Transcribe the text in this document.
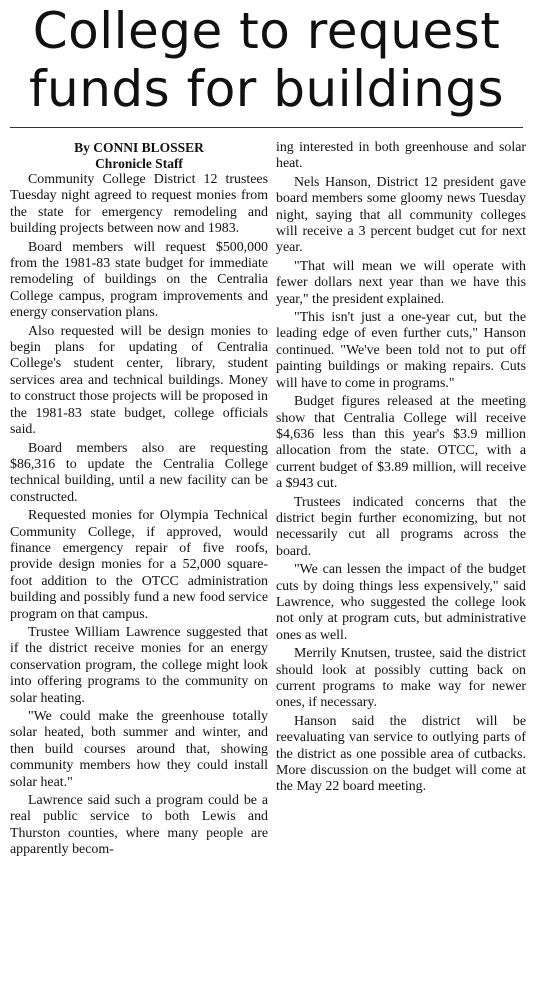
College to request
funds for buildings
By CONNI BLOSSER
Chronicle Staff

Community College District 12 trustees Tuesday night agreed to request monies from the state for emergency remodeling and building projects between now and 1983.

Board members will request $500,000 from the 1981-83 state budget for immediate remodeling of buildings on the Centralia College campus, program improvements and energy conservation plans.

Also requested will be design monies to begin plans for updating of Centralia College's student center, library, student services area and technical buildings. Money to construct those projects will be proposed in the 1981-83 state budget, college officials said.

Board members also are requesting $86,316 to update the Centralia College technical building, until a new facility can be constructed.

Requested monies for Olympia Technical Community College, if approved, would finance emergency repair of five roofs, provide design monies for a 52,000 square-foot addition to the OTCC administration building and possibly fund a new food service program on that campus.

Trustee William Lawrence suggested that if the district receive monies for an energy conservation program, the college might look into offering programs to the community on solar heating.

"We could make the greenhouse totally solar heated, both summer and winter, and then build courses around that, showing community members how they could install solar heat."

Lawrence said such a program could be a real public service to both Lewis and Thurston counties, where many people are apparently becom-

ing interested in both greenhouse and solar heat.

Nels Hanson, District 12 president gave board members some gloomy news Tuesday night, saying that all community colleges will receive a 3 percent budget cut for next year.

"That will mean we will operate with fewer dollars next year than we have this year," the president explained.

"This isn't just a one-year cut, but the leading edge of even further cuts," Hanson continued. "We've been told not to put off painting buildings or making repairs. Cuts will have to come in programs."

Budget figures released at the meeting show that Centralia College will receive $4,636 less than this year's $3.9 million allocation from the state. OTCC, with a current budget of $3.89 million, will receive a $943 cut.

Trustees indicated concerns that the district begin further economizing, but not necessarily cut all programs across the board.

"We can lessen the impact of the budget cuts by doing things less expensively," said Lawrence, who suggested the college look not only at program cuts, but administrative ones as well.

Merrily Knutsen, trustee, said the district should look at possibly cutting back on current programs to make way for newer ones, if necessary.

Hanson said the district will be reevaluating van service to outlying parts of the district as one possible area of cutbacks. More discussion on the budget will come at the May 22 board meeting.
